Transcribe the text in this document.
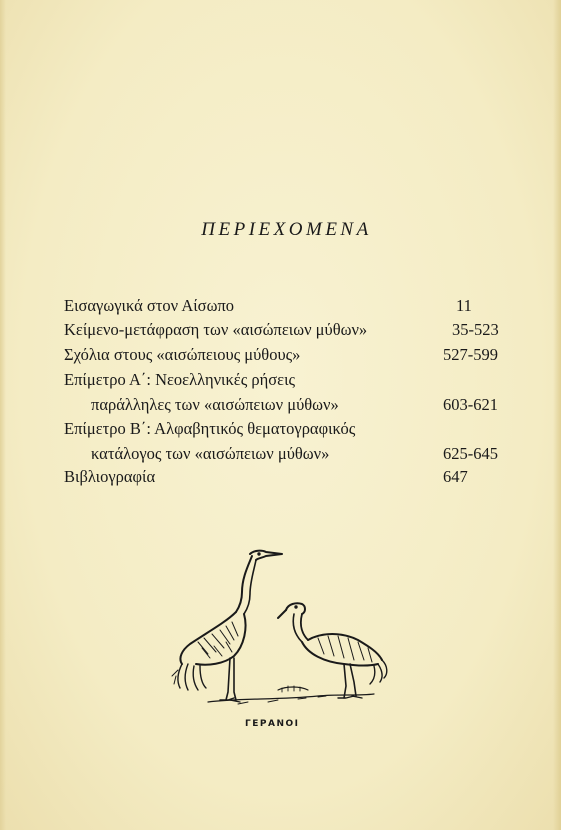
ΠΕΡΙΕΧΟΜΕΝΑ
Εισαγωγικά στον Αίσωπο	11
Κείμενο-μετάφραση των «αισώπειων μύθων»	35-523
Σχόλια στους «αισώπειους μύθους»	527-599
Επίμετρο Α΄: Νεοελληνικές ρήσεις
παράλληλες των «αισώπειων μύθων»	603-621
Επίμετρο Β΄: Αλφαβητικός θεματογραφικός
κατάλογος των «αισώπειων μύθων»	625-645
Βιβλιογραφία	647
ΓΕΡΑΝΟΙ
